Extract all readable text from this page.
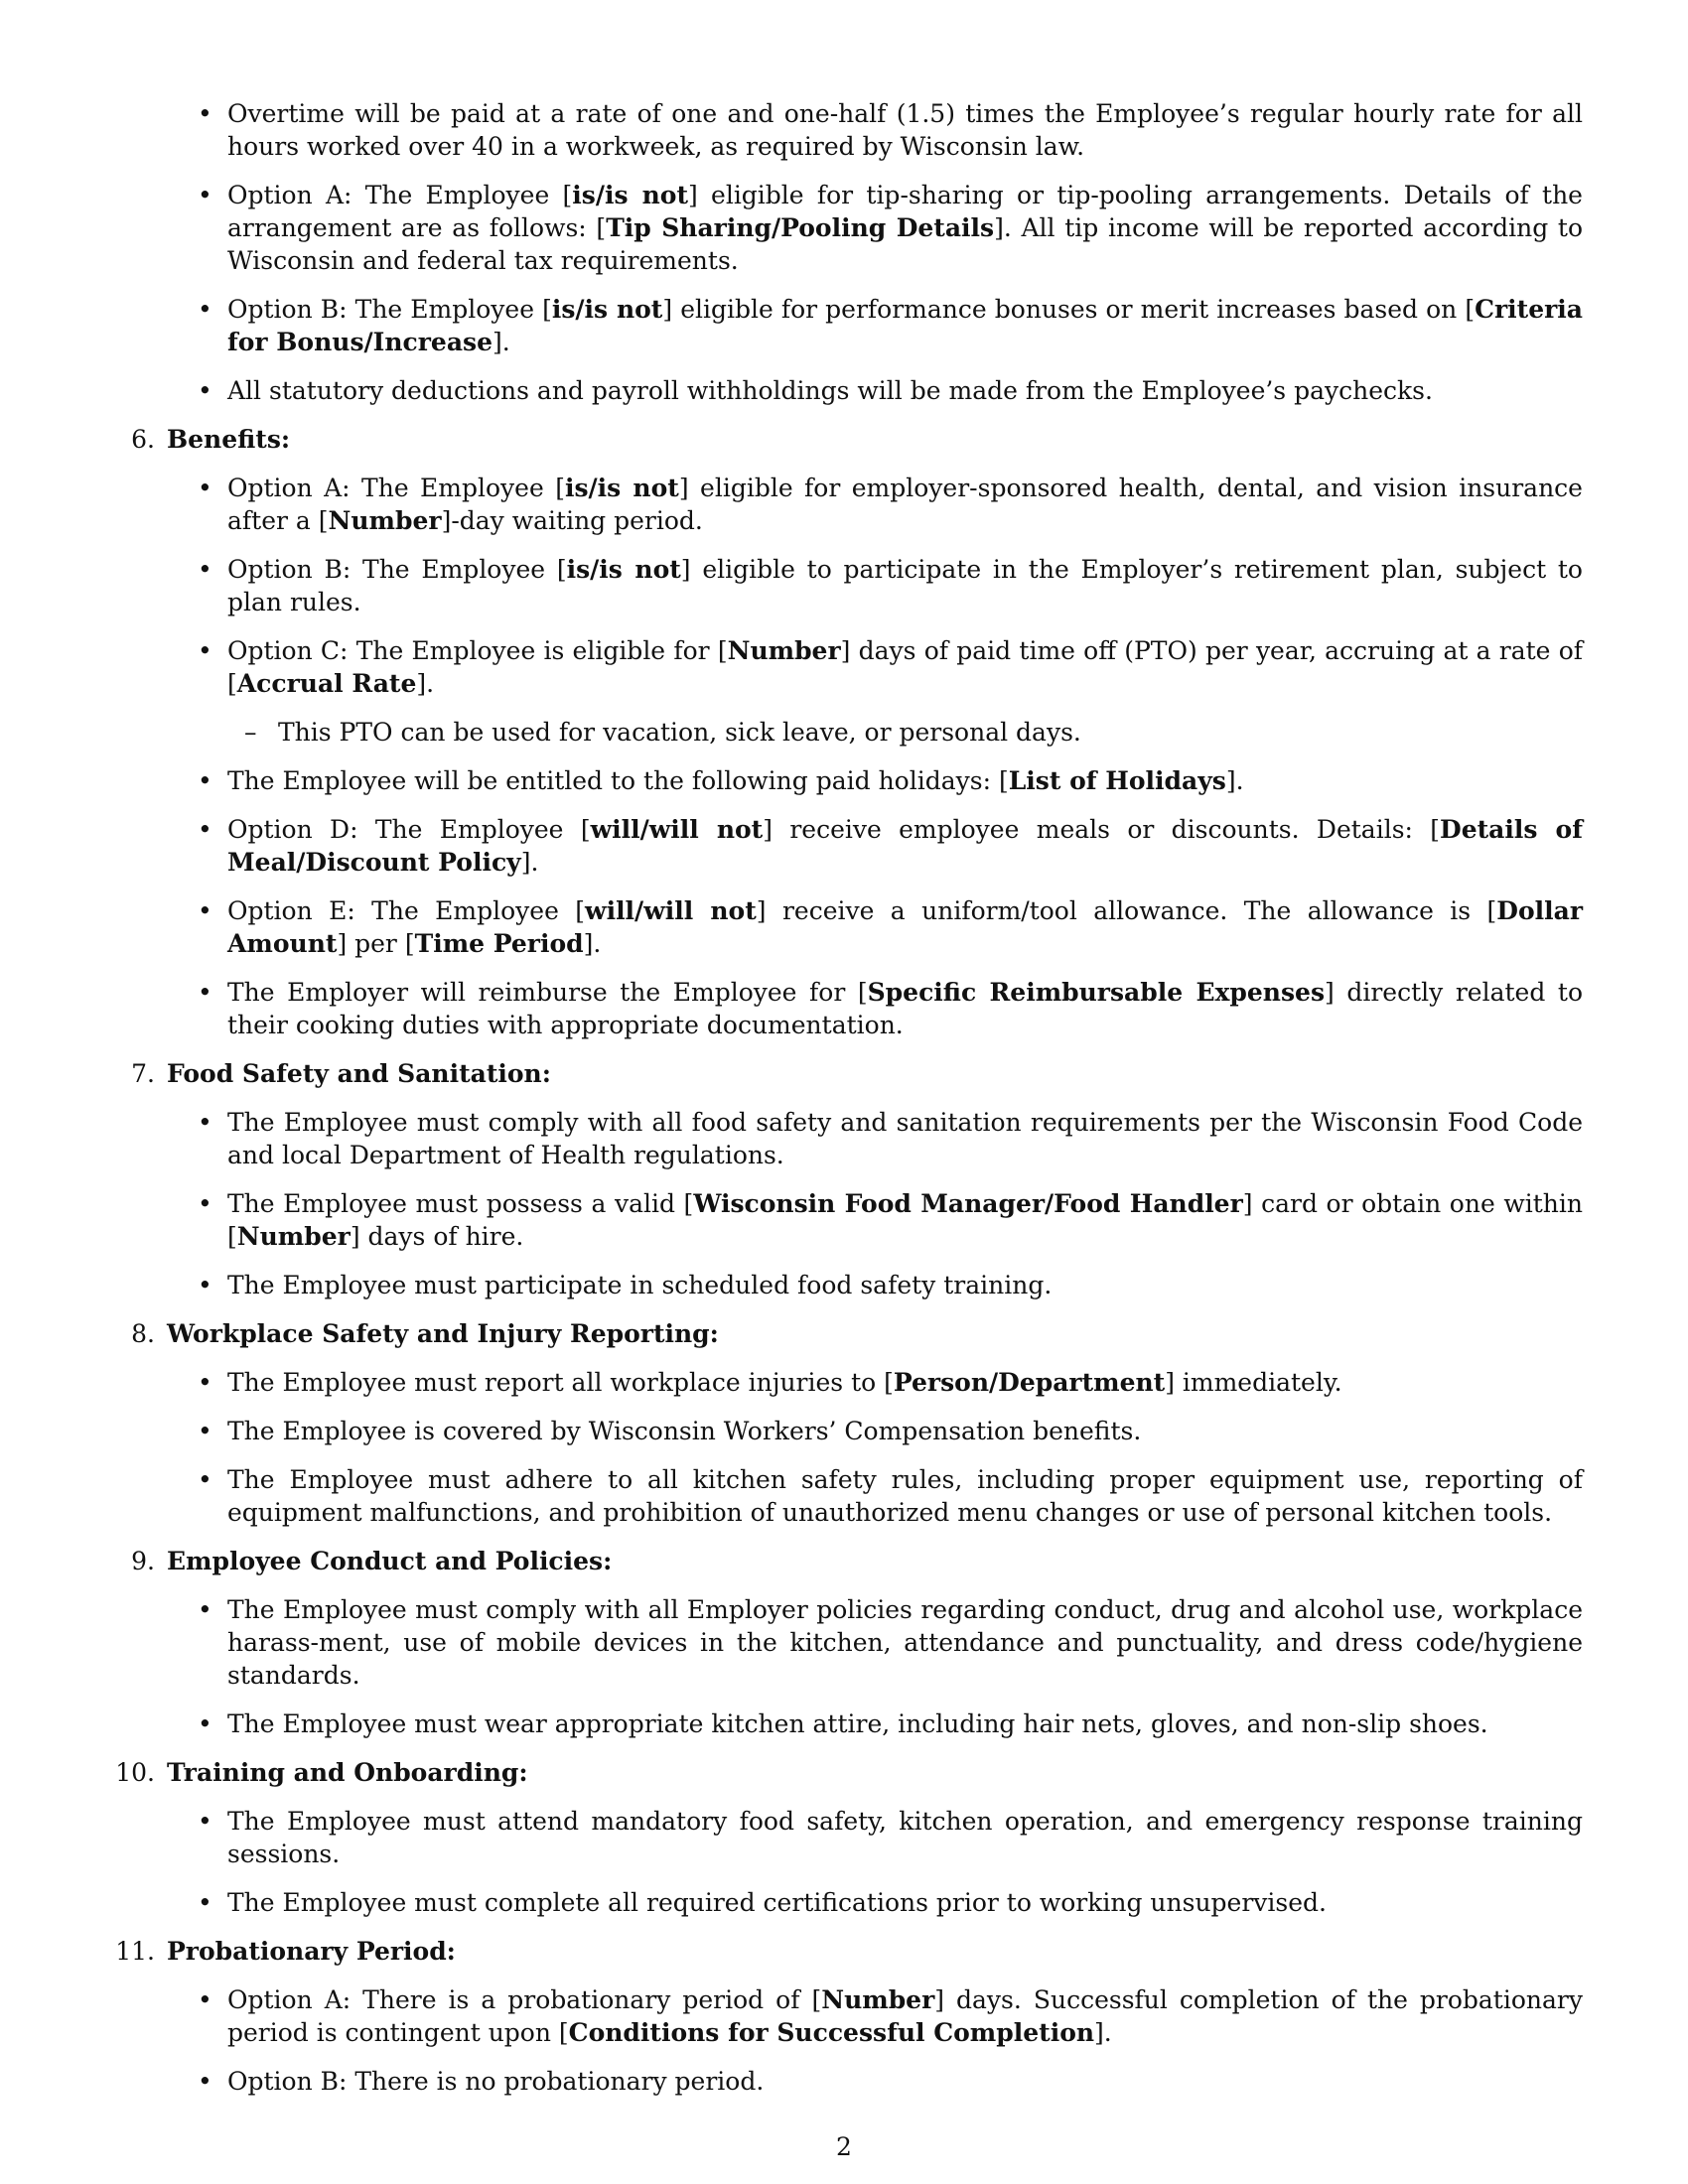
• Overtime will be paid at a rate of one and one-half (1.5) times the Employee’s regular hourly rate for all hours worked over 40 in a workweek, as required by Wisconsin law.
• Option A: The Employee [is/is not] eligible for tip-sharing or tip-pooling arrangements. Details of the arrangement are as follows: [Tip Sharing/Pooling Details]. All tip income will be reported according to Wisconsin and federal tax requirements.
• Option B: The Employee [is/is not] eligible for performance bonuses or merit increases based on [Criteria for Bonus/Increase].
• All statutory deductions and payroll withholdings will be made from the Employee’s paychecks.
6. Benefits:
• Option A: The Employee [is/is not] eligible for employer-sponsored health, dental, and vision insurance after a [Number]-day waiting period.
• Option B: The Employee [is/is not] eligible to participate in the Employer’s retirement plan, subject to plan rules.
• Option C: The Employee is eligible for [Number] days of paid time off (PTO) per year, accruing at a rate of [Accrual Rate].
– This PTO can be used for vacation, sick leave, or personal days.
• The Employee will be entitled to the following paid holidays: [List of Holidays].
• Option D: The Employee [will/will not] receive employee meals or discounts. Details: [Details of Meal/Discount Policy].
• Option E: The Employee [will/will not] receive a uniform/tool allowance. The allowance is [Dollar Amount] per [Time Period].
• The Employer will reimburse the Employee for [Specific Reimbursable Expenses] directly related to their cooking duties with appropriate documentation.
7. Food Safety and Sanitation:
• The Employee must comply with all food safety and sanitation requirements per the Wisconsin Food Code and local Department of Health regulations.
• The Employee must possess a valid [Wisconsin Food Manager/Food Handler] card or obtain one within [Number] days of hire.
• The Employee must participate in scheduled food safety training.
8. Workplace Safety and Injury Reporting:
• The Employee must report all workplace injuries to [Person/Department] immediately.
• The Employee is covered by Wisconsin Workers’ Compensation benefits.
• The Employee must adhere to all kitchen safety rules, including proper equipment use, reporting of equipment malfunctions, and prohibition of unauthorized menu changes or use of personal kitchen tools.
9. Employee Conduct and Policies:
• The Employee must comply with all Employer policies regarding conduct, drug and alcohol use, workplace harass-ment, use of mobile devices in the kitchen, attendance and punctuality, and dress code/hygiene standards.
• The Employee must wear appropriate kitchen attire, including hair nets, gloves, and non-slip shoes.
10. Training and Onboarding:
• The Employee must attend mandatory food safety, kitchen operation, and emergency response training sessions.
• The Employee must complete all required certifications prior to working unsupervised.
11. Probationary Period:
• Option A: There is a probationary period of [Number] days. Successful completion of the probationary period is contingent upon [Conditions for Successful Completion].
• Option B: There is no probationary period.
2
